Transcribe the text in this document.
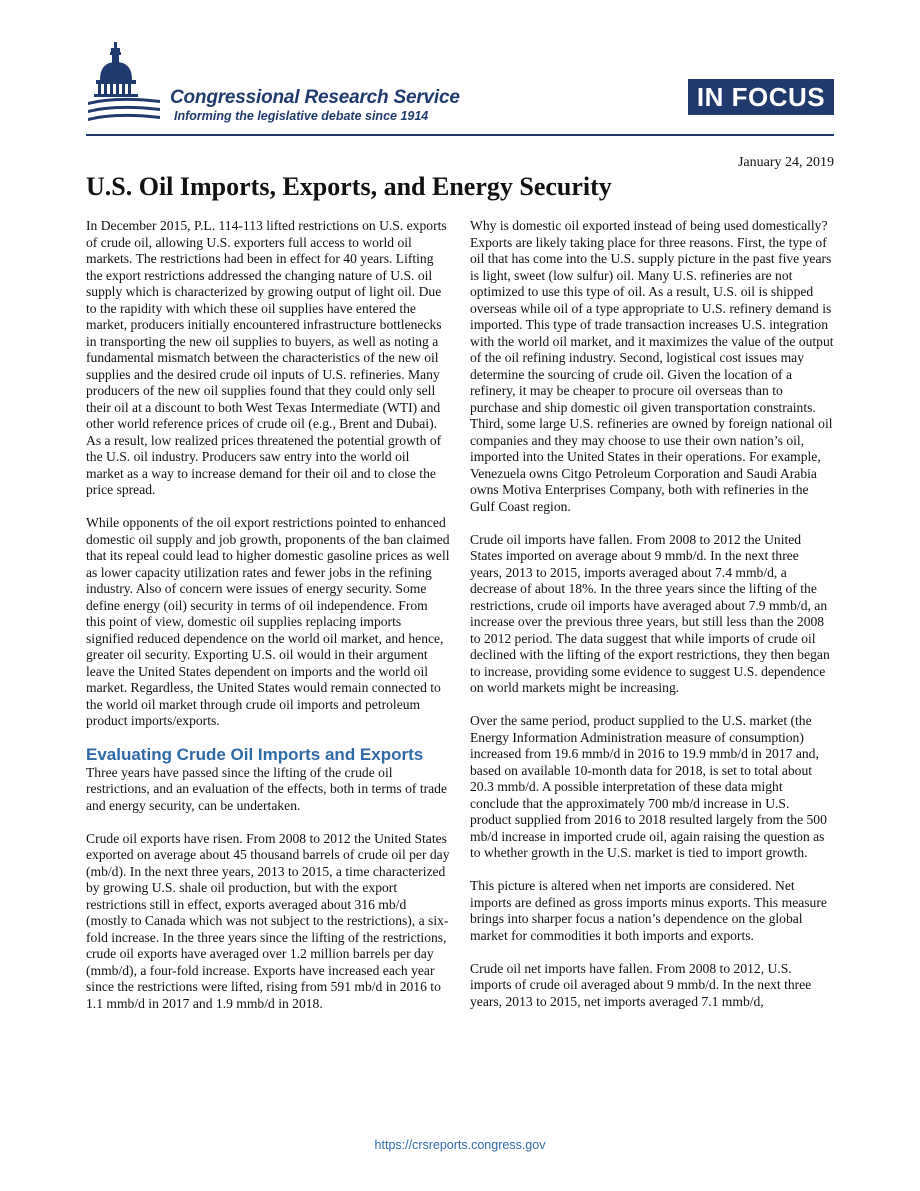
Congressional Research Service
Informing the legislative debate since 1914
IN FOCUS
January 24, 2019
U.S. Oil Imports, Exports, and Energy Security

In December 2015, P.L. 114-113 lifted restrictions on U.S. exports of crude oil, allowing U.S. exporters full access to world oil markets. The restrictions had been in effect for 40 years. Lifting the export restrictions addressed the changing nature of U.S. oil supply which is characterized by growing output of light oil. Due to the rapidity with which these oil supplies have entered the market, producers initially encountered infrastructure bottlenecks in transporting the new oil supplies to buyers, as well as noting a fundamental mismatch between the characteristics of the new oil supplies and the desired crude oil inputs of U.S. refineries. Many producers of the new oil supplies found that they could only sell their oil at a discount to both West Texas Intermediate (WTI) and other world reference prices of crude oil (e.g., Brent and Dubai). As a result, low realized prices threatened the potential growth of the U.S. oil industry. Producers saw entry into the world oil market as a way to increase demand for their oil and to close the price spread.

While opponents of the oil export restrictions pointed to enhanced domestic oil supply and job growth, proponents of the ban claimed that its repeal could lead to higher domestic gasoline prices as well as lower capacity utilization rates and fewer jobs in the refining industry. Also of concern were issues of energy security. Some define energy (oil) security in terms of oil independence. From this point of view, domestic oil supplies replacing imports signified reduced dependence on the world oil market, and hence, greater oil security. Exporting U.S. oil would in their argument leave the United States dependent on imports and the world oil market. Regardless, the United States would remain connected to the world oil market through crude oil imports and petroleum product imports/exports.

Evaluating Crude Oil Imports and Exports

Three years have passed since the lifting of the crude oil restrictions, and an evaluation of the effects, both in terms of trade and energy security, can be undertaken.

Crude oil exports have risen. From 2008 to 2012 the United States exported on average about 45 thousand barrels of crude oil per day (mb/d). In the next three years, 2013 to 2015, a time characterized by growing U.S. shale oil production, but with the export restrictions still in effect, exports averaged about 316 mb/d (mostly to Canada which was not subject to the restrictions), a six-fold increase. In the three years since the lifting of the restrictions, crude oil exports have averaged over 1.2 million barrels per day (mmb/d), a four-fold increase. Exports have increased each year since the restrictions were lifted, rising from 591 mb/d in 2016 to 1.1 mmb/d in 2017 and 1.9 mmb/d in 2018.

Why is domestic oil exported instead of being used domestically? Exports are likely taking place for three reasons. First, the type of oil that has come into the U.S. supply picture in the past five years is light, sweet (low sulfur) oil. Many U.S. refineries are not optimized to use this type of oil. As a result, U.S. oil is shipped overseas while oil of a type appropriate to U.S. refinery demand is imported. This type of trade transaction increases U.S. integration with the world oil market, and it maximizes the value of the output of the oil refining industry. Second, logistical cost issues may determine the sourcing of crude oil. Given the location of a refinery, it may be cheaper to procure oil overseas than to purchase and ship domestic oil given transportation constraints. Third, some large U.S. refineries are owned by foreign national oil companies and they may choose to use their own nation’s oil, imported into the United States in their operations. For example, Venezuela owns Citgo Petroleum Corporation and Saudi Arabia owns Motiva Enterprises Company, both with refineries in the Gulf Coast region.

Crude oil imports have fallen. From 2008 to 2012 the United States imported on average about 9 mmb/d. In the next three years, 2013 to 2015, imports averaged about 7.4 mmb/d, a decrease of about 18%. In the three years since the lifting of the restrictions, crude oil imports have averaged about 7.9 mmb/d, an increase over the previous three years, but still less than the 2008 to 2012 period. The data suggest that while imports of crude oil declined with the lifting of the export restrictions, they then began to increase, providing some evidence to suggest U.S. dependence on world markets might be increasing.

Over the same period, product supplied to the U.S. market (the Energy Information Administration measure of consumption) increased from 19.6 mmb/d in 2016 to 19.9 mmb/d in 2017 and, based on available 10-month data for 2018, is set to total about 20.3 mmb/d. A possible interpretation of these data might conclude that the approximately 700 mb/d increase in U.S. product supplied from 2016 to 2018 resulted largely from the 500 mb/d increase in imported crude oil, again raising the question as to whether growth in the U.S. market is tied to import growth.

This picture is altered when net imports are considered. Net imports are defined as gross imports minus exports. This measure brings into sharper focus a nation’s dependence on the global market for commodities it both imports and exports.

Crude oil net imports have fallen. From 2008 to 2012, U.S. imports of crude oil averaged about 9 mmb/d. In the next three years, 2013 to 2015, net imports averaged 7.1 mmb/d,

https://crsreports.congress.gov
